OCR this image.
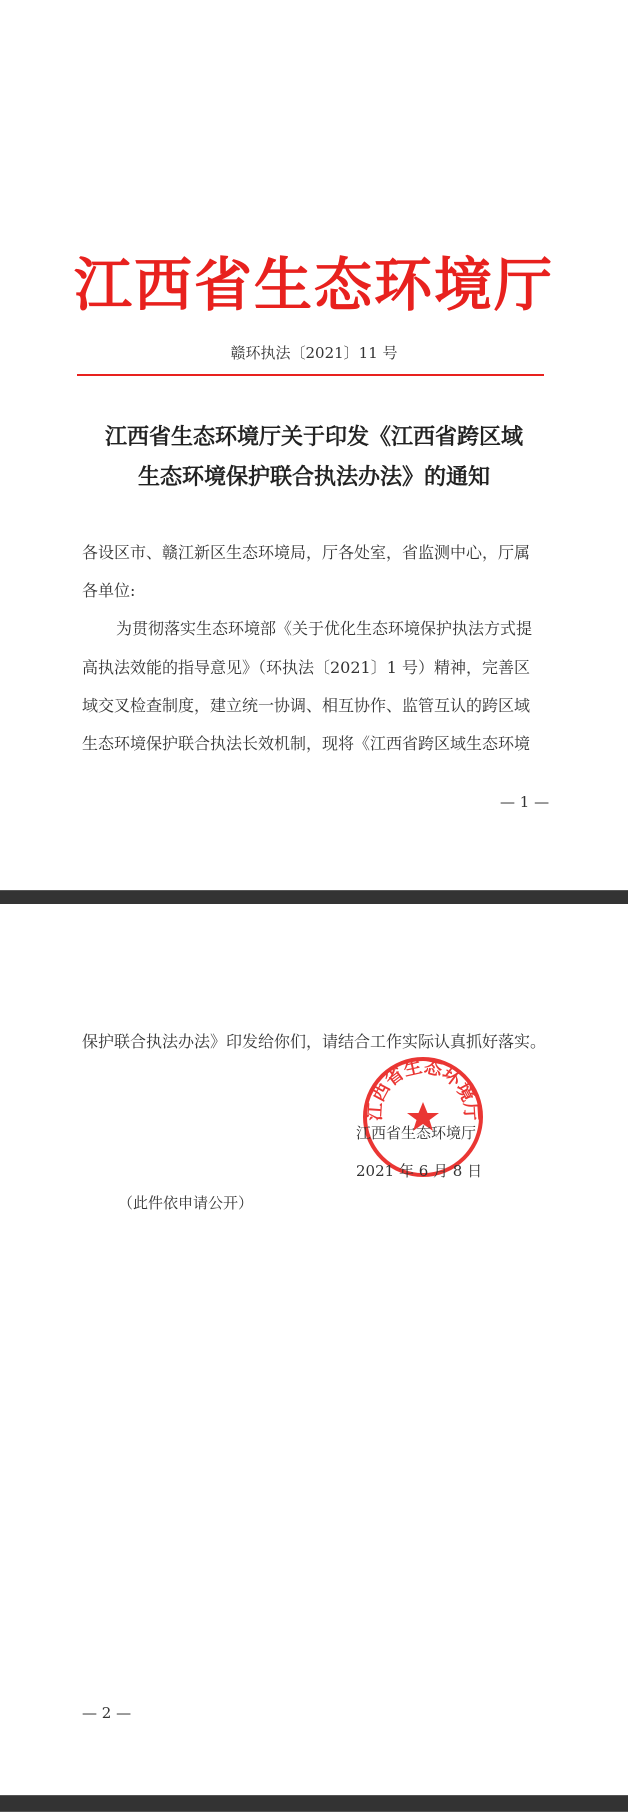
江西省生态环境厅
赣环执法〔2021〕11 号
江西省生态环境厅关于印发《江西省跨区域
生态环境保护联合执法办法》的通知
各设区市、赣江新区生态环境局，厅各处室，省监测中心，厅属
各单位:
为贯彻落实生态环境部《关于优化生态环境保护执法方式提
高执法效能的指导意见》（环执法〔2021〕1 号）精神，完善区
域交叉检查制度，建立统一协调、相互协作、监管互认的跨区域
生态环境保护联合执法长效机制，现将《江西省跨区域生态环境
— 1 —
保护联合执法办法》印发给你们，请结合工作实际认真抓好落实。
江西省生态环境厅
江西省生态环境厅
2021 年 6 月 8 日
（此件依申请公开）
— 2 —
